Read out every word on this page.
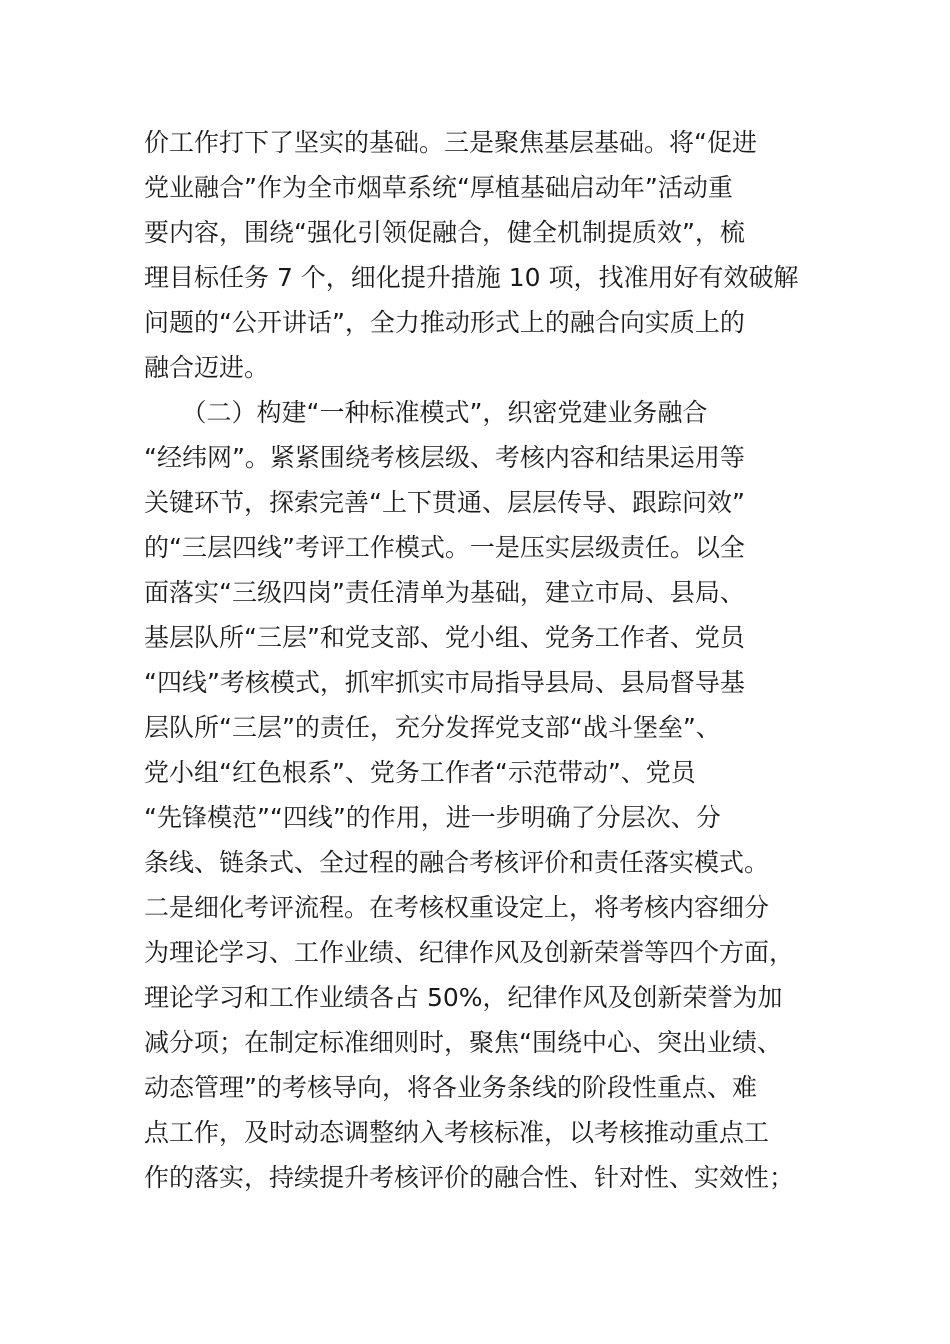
价工作打下了坚实的基础。三是聚焦基层基础。将“促进
党业融合”作为全市烟草系统“厚植基础启动年”活动重
要内容，围绕“强化引领促融合，健全机制提质效”，梳
理目标任务 7 个，细化提升措施 10 项，找准用好有效破解
问题的“公开讲话”，全力推动形式上的融合向实质上的
融合迈进。
　　（二）构建“一种标准模式”，织密党建业务融合
“经纬网”。紧紧围绕考核层级、考核内容和结果运用等
关键环节，探索完善“上下贯通、层层传导、跟踪问效”
的“三层四线”考评工作模式。一是压实层级责任。以全
面落实“三级四岗”责任清单为基础，建立市局、县局、
基层队所“三层”和党支部、党小组、党务工作者、党员
“四线”考核模式，抓牢抓实市局指导县局、县局督导基
层队所“三层”的责任，充分发挥党支部“战斗堡垒”、
党小组“红色根系”、党务工作者“示范带动”、党员
“先锋模范”“四线”的作用，进一步明确了分层次、分
条线、链条式、全过程的融合考核评价和责任落实模式。
二是细化考评流程。在考核权重设定上，将考核内容细分
为理论学习、工作业绩、纪律作风及创新荣誉等四个方面，
理论学习和工作业绩各占 50%，纪律作风及创新荣誉为加
减分项；在制定标准细则时，聚焦“围绕中心、突出业绩、
动态管理”的考核导向，将各业务条线的阶段性重点、难
点工作，及时动态调整纳入考核标准，以考核推动重点工
作的落实，持续提升考核评价的融合性、针对性、实效性；
